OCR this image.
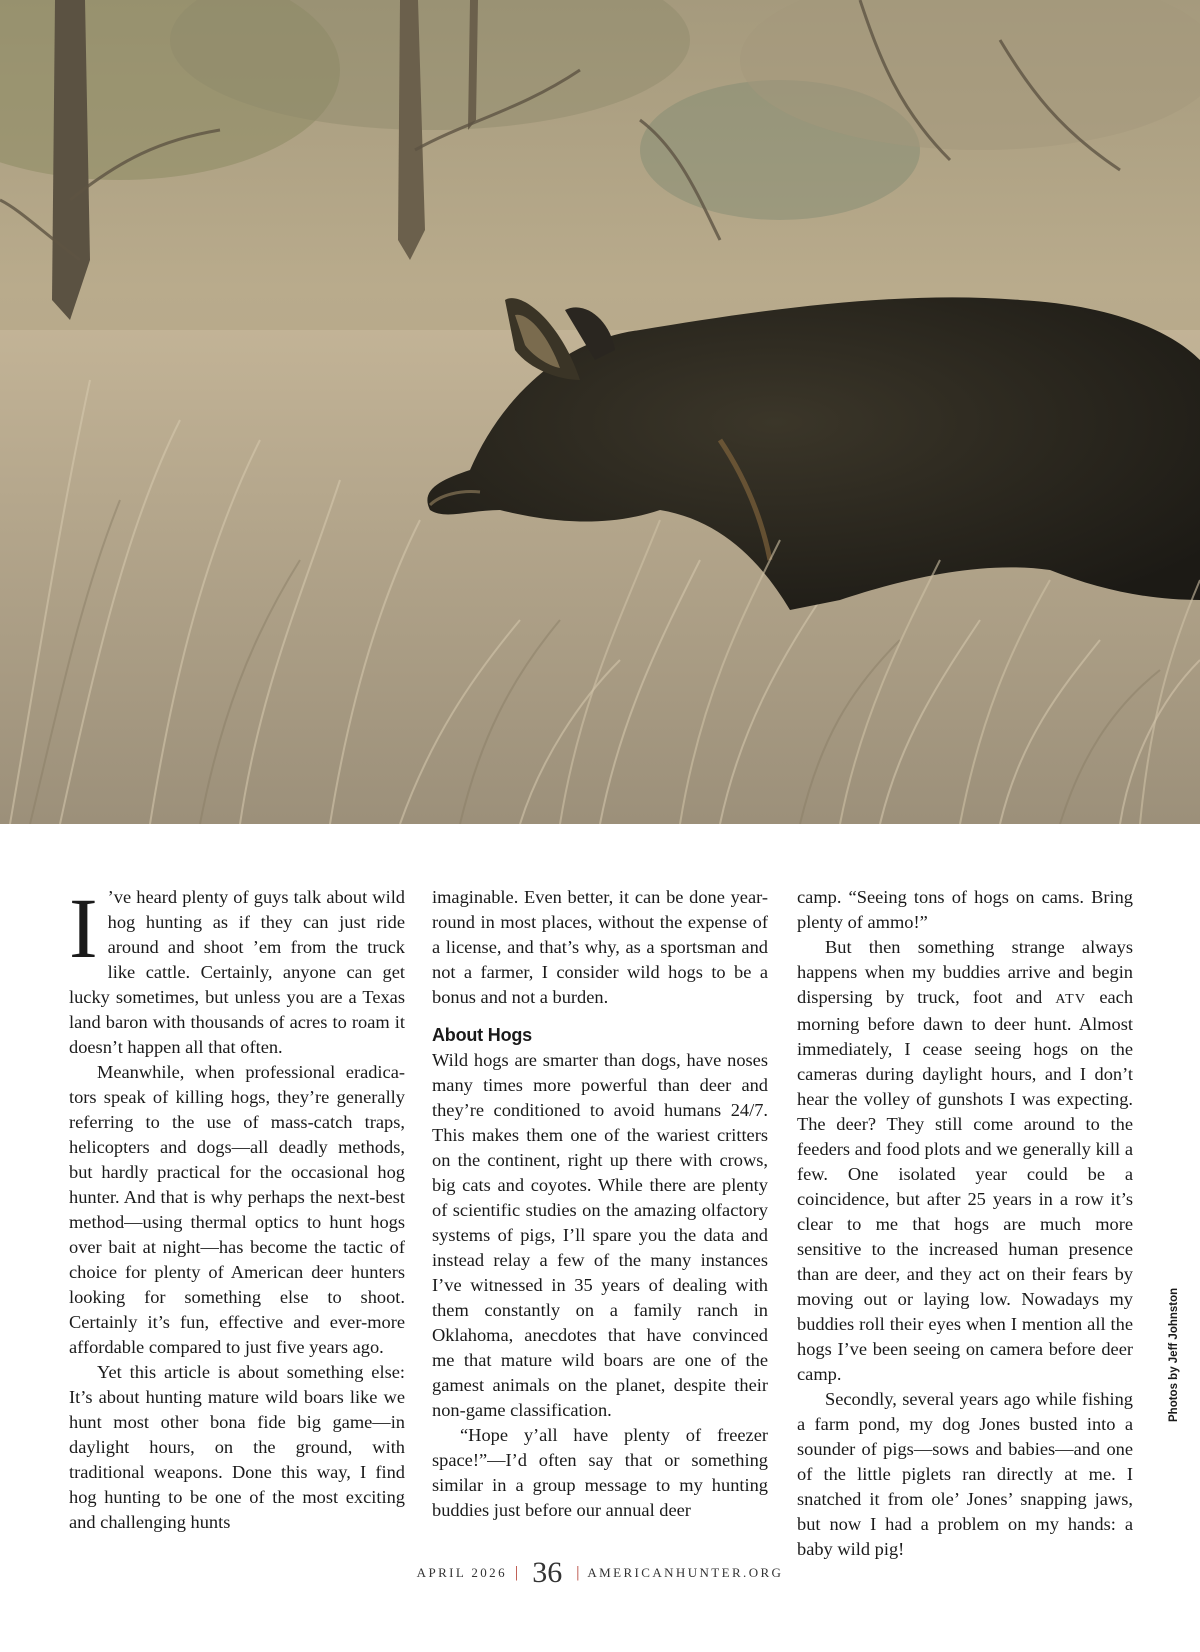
I ’ve heard plenty of guys talk about wild hog hunting as if they can just ride around and shoot ’em from the truck like cattle. Certainly, anyone can get lucky sometimes, but unless you are a Texas land baron with thousands of acres to roam it doesn’t happen all that often.

Meanwhile, when professional eradicators speak of killing hogs, they’re generally referring to the use of mass-catch traps, helicopters and dogs—all deadly methods, but hardly practical for the occasional hog hunter. And that is why perhaps the next-best method—using thermal optics to hunt hogs over bait at night—has become the tactic of choice for plenty of American deer hunters looking for something else to shoot. Certainly it’s fun, effective and ever-more affordable compared to just five years ago.

Yet this article is about something else: It’s about hunting mature wild boars like we hunt most other bona fide big game—in daylight hours, on the ground, with traditional weapons. Done this way, I find hog hunting to be one of the most exciting and challenging hunts

imaginable. Even better, it can be done year-round in most places, without the expense of a license, and that’s why, as a sportsman and not a farmer, I consider wild hogs to be a bonus and not a burden.

About Hogs

Wild hogs are smarter than dogs, have noses many times more powerful than deer and they’re conditioned to avoid humans 24/7. This makes them one of the wariest critters on the continent, right up there with crows, big cats and coyotes. While there are plenty of scientific studies on the amazing olfactory systems of pigs, I’ll spare you the data and instead relay a few of the many instances I’ve witnessed in 35 years of dealing with them constantly on a family ranch in Oklahoma, anecdotes that have convinced me that mature wild boars are one of the gamest animals on the planet, despite their non-game classification.

“Hope y’all have plenty of freezer space!”—I’d often say that or something similar in a group message to my hunting buddies just before our annual deer

camp. “Seeing tons of hogs on cams. Bring plenty of ammo!”

But then something strange always happens when my buddies arrive and begin dispersing by truck, foot and ATV each morning before dawn to deer hunt. Almost immediately, I cease seeing hogs on the cameras during daylight hours, and I don’t hear the volley of gunshots I was expecting. The deer? They still come around to the feeders and food plots and we generally kill a few. One isolated year could be a coincidence, but after 25 years in a row it’s clear to me that hogs are much more sensitive to the increased human presence than are deer, and they act on their fears by moving out or laying low. Nowadays my buddies roll their eyes when I mention all the hogs I’ve been seeing on camera before deer camp.

Secondly, several years ago while fishing a farm pond, my dog Jones busted into a sounder of pigs—sows and babies—and one of the little piglets ran directly at me. I snatched it from ole’ Jones’ snapping jaws, but now I had a problem on my hands: a baby wild pig!

Photos by Jeff Johnston
APRIL 2026 | 36 | AMERICANHUNTER.ORG
